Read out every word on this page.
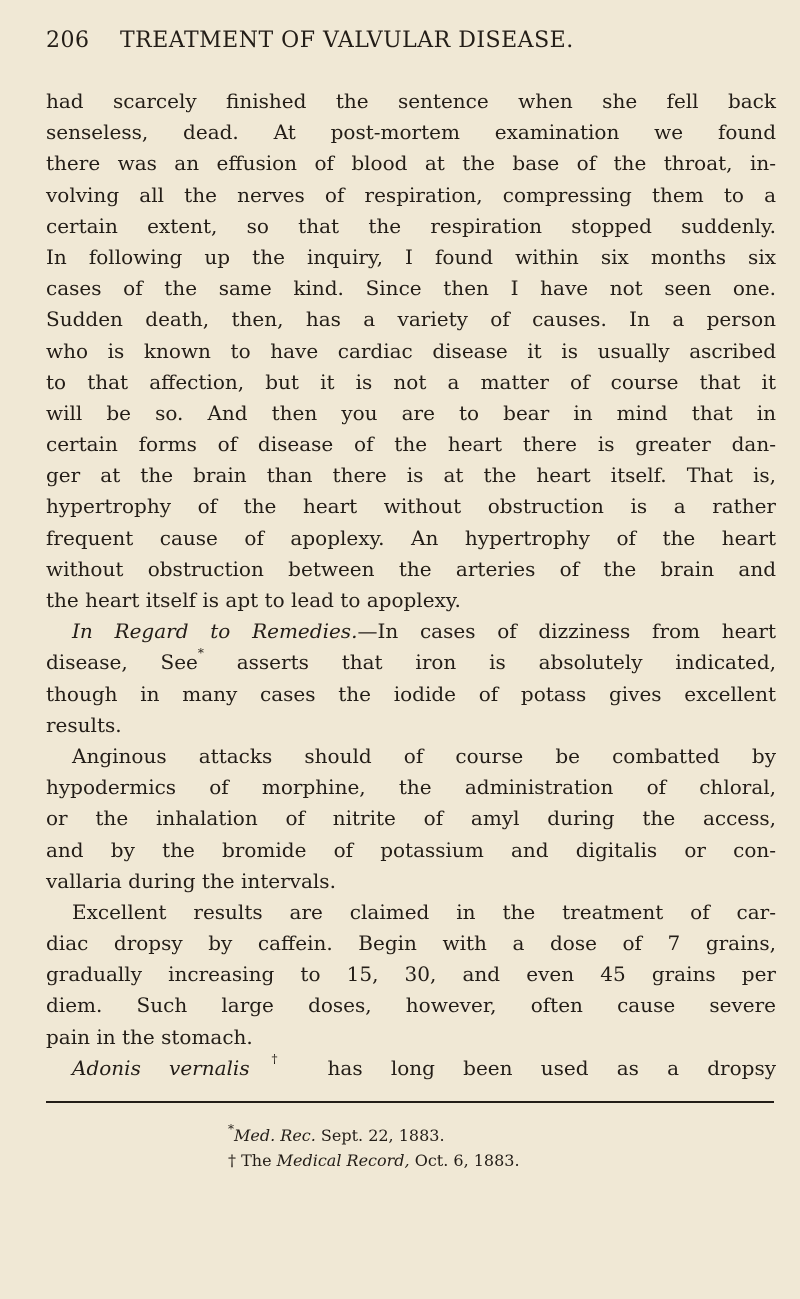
206	TREATMENT OF VALVULAR DISEASE.
had scarcely finished the sentence when she fell back
senseless, dead. At post-mortem examination we found
there was an effusion of blood at the base of the throat, in-
volving all the nerves of respiration, compressing them to a
certain extent, so that the respiration stopped suddenly.
In following up the inquiry, I found within six months six
cases of the same kind. Since then I have not seen one.
Sudden death, then, has a variety of causes. In a person
who is known to have cardiac disease it is usually ascribed
to that affection, but it is not a matter of course that it
will be so. And then you are to bear in mind that in
certain forms of disease of the heart there is greater dan-
ger at the brain than there is at the heart itself. That is,
hypertrophy of the heart without obstruction is a rather
frequent cause of apoplexy. An hypertrophy of the heart
without obstruction between the arteries of the brain and
the heart itself is apt to lead to apoplexy.
In Regard to Remedies.—In cases of dizziness from heart
disease, See* asserts that iron is absolutely indicated,
though in many cases the iodide of potass gives excellent
results.
Anginous attacks should of course be combatted by
hypodermics of morphine, the administration of chloral,
or the inhalation of nitrite of amyl during the access,
and by the bromide of potassium and digitalis or con-
vallaria during the intervals.
Excellent results are claimed in the treatment of car-
diac dropsy by caffein. Begin with a dose of 7 grains,
gradually increasing to 15, 30, and even 45 grains per
diem. Such large doses, however, often cause severe
pain in the stomach.
Adonis vernalis† has long been used as a dropsy
*Med. Rec. Sept. 22, 1883.
† The Medical Record, Oct. 6, 1883.
